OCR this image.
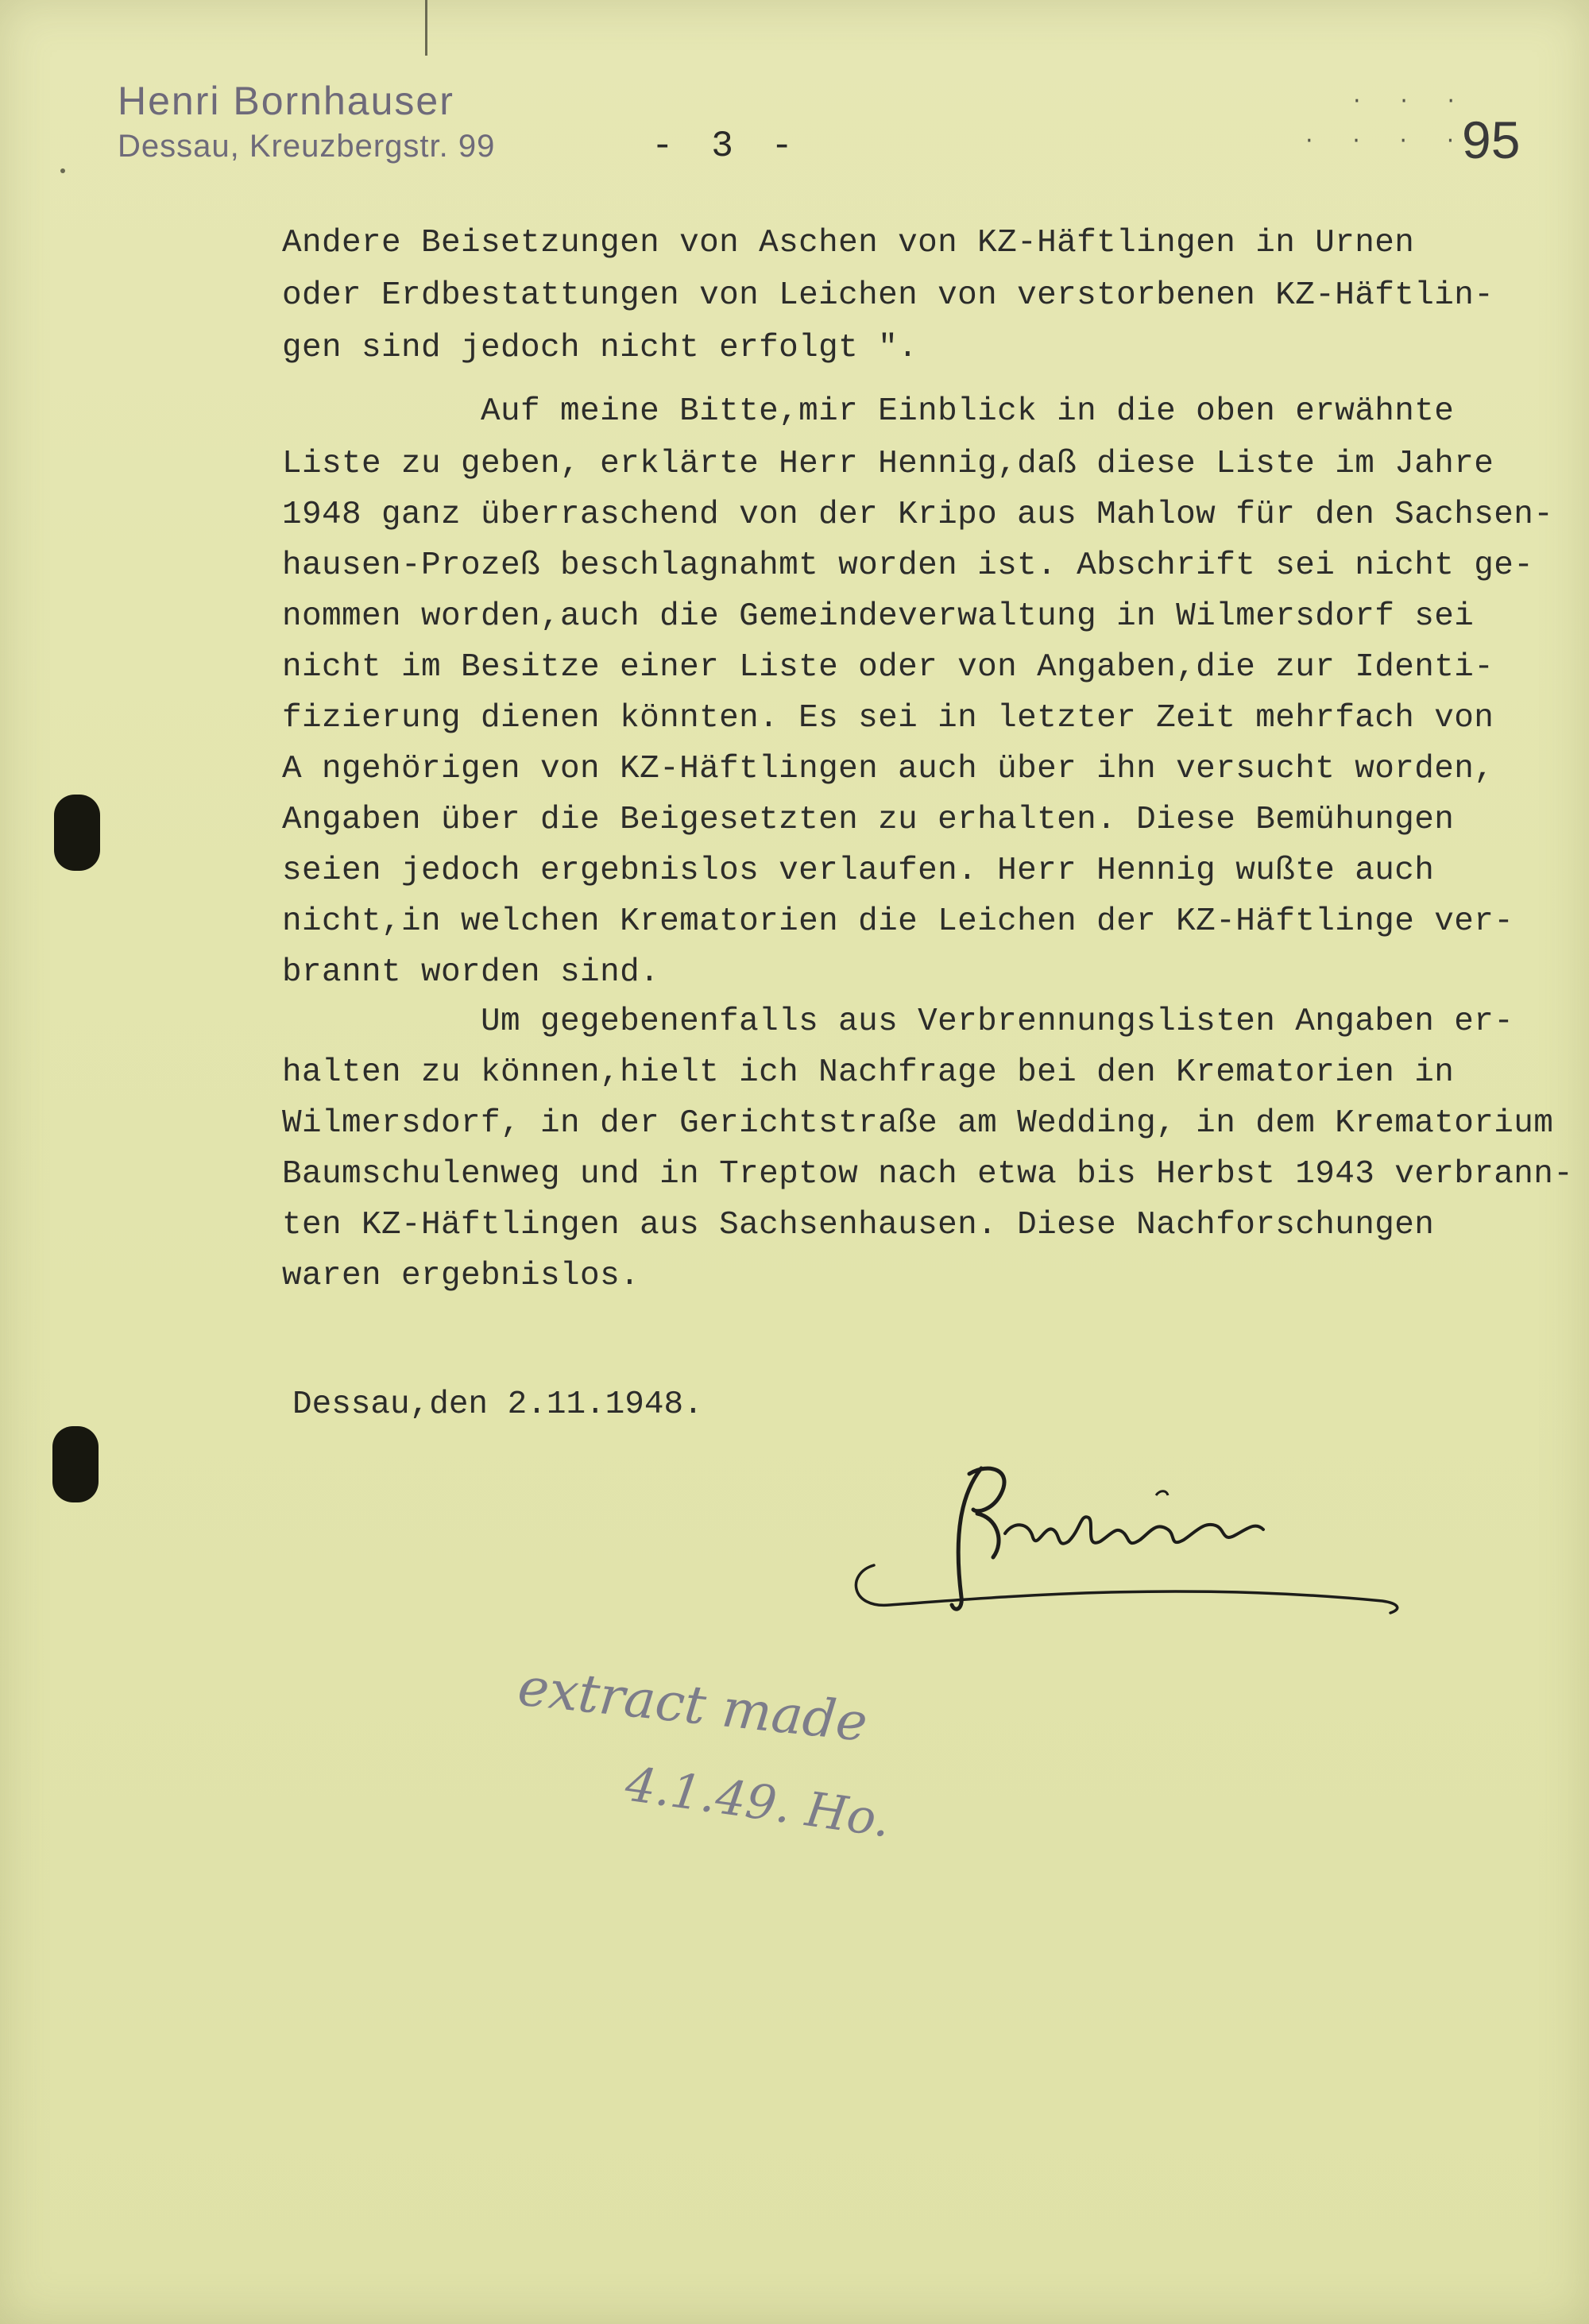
Henri Bornhauser
Dessau, Kreuzbergstr. 99	- 3 -
· · ·
· · · ·
95
Andere Beisetzungen von Aschen von KZ-Häftlingen in Urnen
oder Erdbestattungen von Leichen von verstorbenen KZ-Häftlin-
gen sind jedoch nicht erfolgt ".
Auf meine Bitte,mir Einblick in die oben erwähnte
Liste zu geben, erklärte Herr Hennig,daß diese Liste im Jahre
1948 ganz überraschend von der Kripo aus Mahlow für den Sachsen-
hausen-Prozeß beschlagnahmt worden ist. Abschrift sei nicht ge-
nommen worden,auch die Gemeindeverwaltung in Wilmersdorf sei
nicht im Besitze einer Liste oder von Angaben,die zur Identi-
fizierung dienen könnten. Es sei in letzter Zeit mehrfach von
A ngehörigen von KZ-Häftlingen auch über ihn versucht worden,
Angaben über die Beigesetzten zu erhalten. Diese Bemühungen
seien jedoch ergebnislos verlaufen. Herr Hennig wußte auch
nicht,in welchen Krematorien die Leichen der KZ-Häftlinge ver-
brannt worden sind.
Um gegebenenfalls aus Verbrennungslisten Angaben er-
halten zu können,hielt ich Nachfrage bei den Krematorien in
Wilmersdorf, in der Gerichtstraße am Wedding, in dem Krematorium
Baumschulenweg und in Treptow nach etwa bis Herbst 1943 verbrann-
ten KZ-Häftlingen aus Sachsenhausen. Diese Nachforschungen
waren ergebnislos.
Dessau,den 2.11.1948.
extract made
4.1.49. Ho.
